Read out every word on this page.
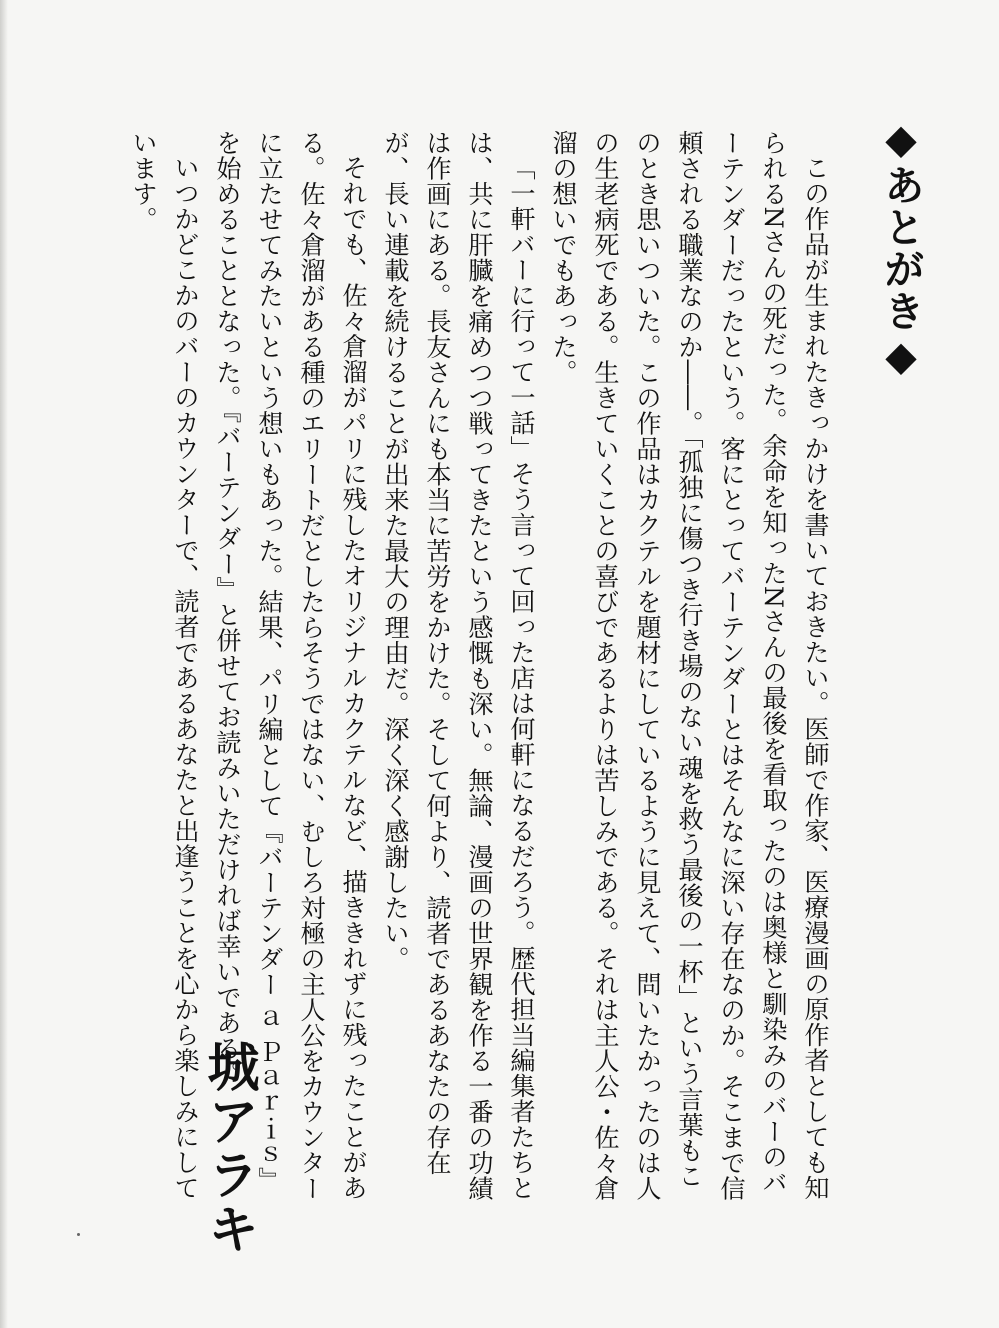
◆あとがき◆

この作品が生まれたきっかけを書いておきたい。医師で作家、医療漫画の原作者としても知られるNさんの死だった。余命を知ったNさんの最後を看取ったのは奥様と馴染みのバーのバーテンダーだったという。客にとってバーテンダーとはそんなに深い存在なのか。そこまで信頼される職業なのか――。「孤独に傷つき行き場のない魂を救う最後の一杯」という言葉もこのとき思いついた。この作品はカクテルを題材にしているように見えて、問いたかったのは人の生老病死である。生きていくことの喜びであるよりは苦しみである。それは主人公・佐々倉溜の想いでもあった。

「一軒バーに行って一話」そう言って回った店は何軒になるだろう。歴代担当編集者たちとは、共に肝臓を痛めつつ戦ってきたという感慨も深い。無論、漫画の世界観を作る一番の功績は作画にある。長友さんにも本当に苦労をかけた。そして何より、読者であるあなたの存在が、長い連載を続けることが出来た最大の理由だ。深く深く感謝したい。

それでも、佐々倉溜がパリに残したオリジナルカクテルなど、描ききれずに残ったことがある。佐々倉溜がある種のエリートだとしたらそうではない、むしろ対極の主人公をカウンターに立たせてみたいという想いもあった。結果、パリ編として『バーテンダー ａ Ｐａｒｉｓ』を始めることとなった。『バーテンダー』と併せてお読みいただければ幸いである。

いつかどこかのバーのカウンターで、読者であるあなたと出逢うことを心から楽しみにしています。

城アラキ
